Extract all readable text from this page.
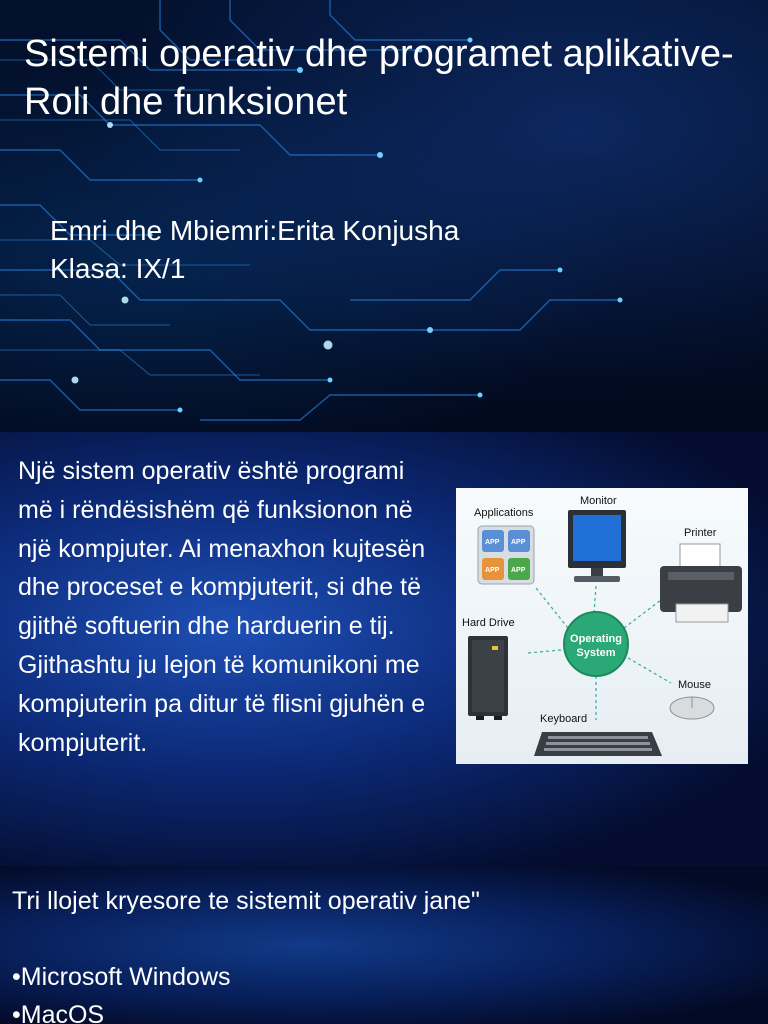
Sistemi operativ dhe programet aplikative-Roli dhe funksionet
Emri dhe Mbiemri:Erita Konjusha
Klasa: IX/1

Një sistem operativ është programi më i rëndësishëm që funksionon në një kompjuter. Ai menaxhon kujtesën dhe proceset e kompjuterit, si dhe të gjithë softuerin dhe harduerin e tij. Gjithashtu ju lejon të komunikoni me kompjuterin pa ditur të flisni gjuhën e kompjuterit.

Applications
APP APP
APP APP
Monitor
Printer
Hard Drive
Operating
System
Mouse
Keyboard
Tri llojet kryesore te sistemit operativ jane"
•Microsoft Windows
•MacOS
